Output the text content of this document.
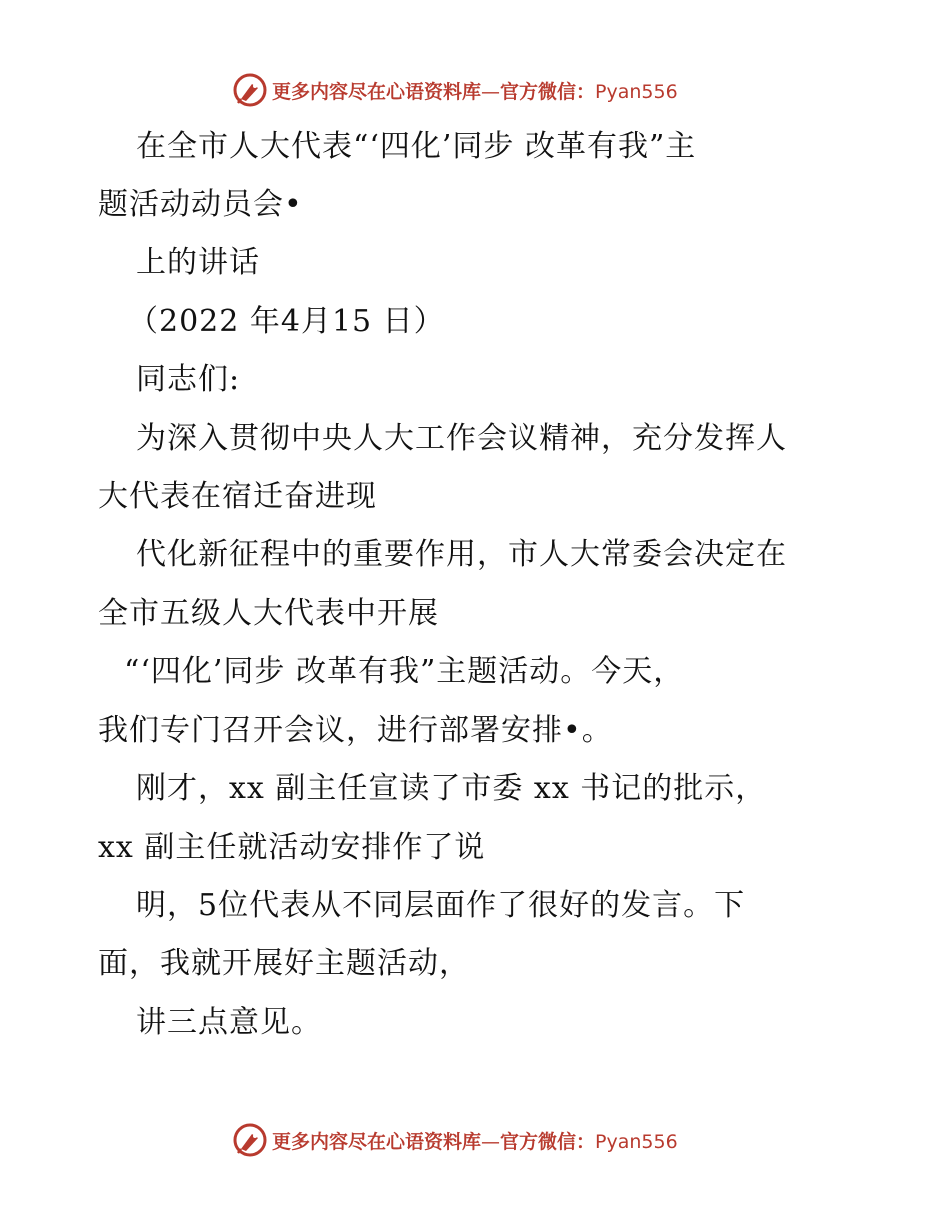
更多内容尽在心语资料库—官方微信：Pyan556
在全市人大代表“‘四化’同步 改革有我”主
题活动动员会•
上的讲话
（2022 年4月15 日）
同志们:
为深入贯彻中央人大工作会议精神，充分发挥人
大代表在宿迁奋进现
代化新征程中的重要作用，市人大常委会决定在
全市五级人大代表中开展
“‘四化’同步 改革有我”主题活动。今天，
我们专门召开会议，进行部署安排•。
刚才，xx 副主任宣读了市委 xx 书记的批示，
xx 副主任就活动安排作了说
明，5位代表从不同层面作了很好的发言。下
面，我就开展好主题活动，
讲三点意见。
更多内容尽在心语资料库—官方微信：Pyan556
